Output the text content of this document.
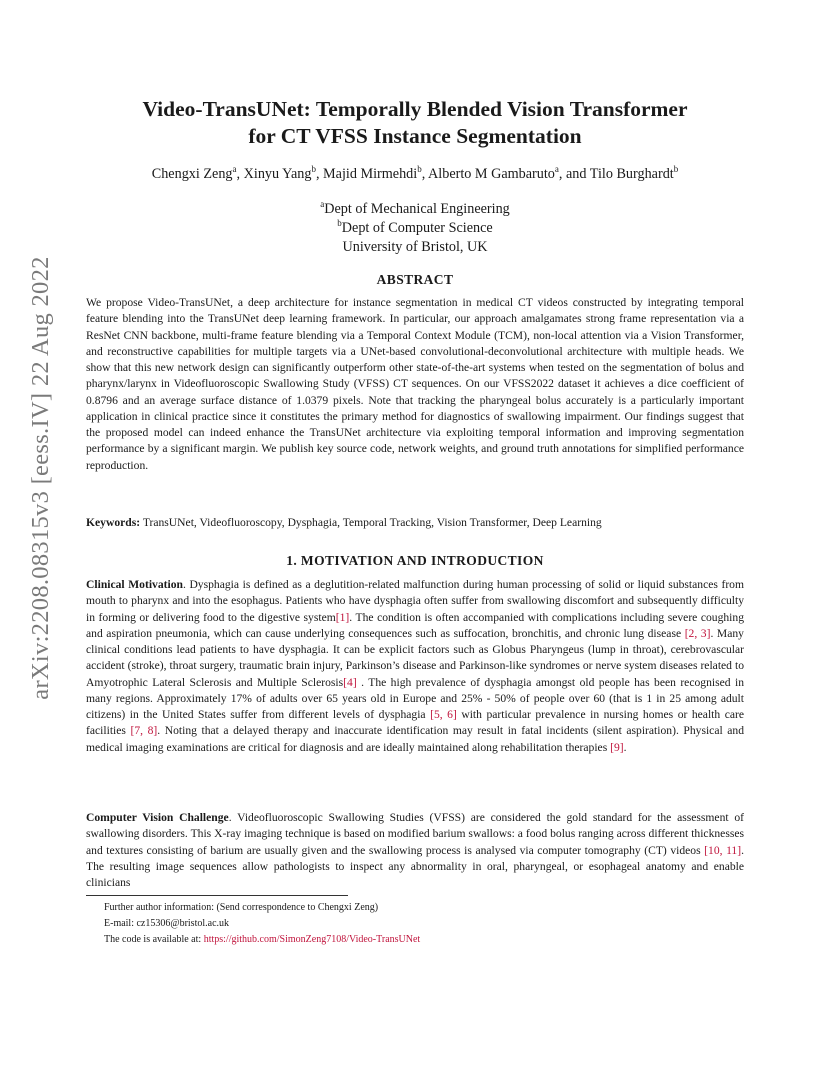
arXiv:2208.08315v3 [eess.IV] 22 Aug 2022
Video-TransUNet: Temporally Blended Vision Transformer
for CT VFSS Instance Segmentation
Chengxi Zeng$^a$, Xinyu Yang$^b$, Majid Mirmehdi$^b$, Alberto M Gambaruto$^a$, and Tilo Burghardt$^b$
$^a$Dept of Mechanical Engineering
$^b$Dept of Computer Science
University of Bristol, UK
ABSTRACT

We propose Video-TransUNet, a deep architecture for instance segmentation in medical CT videos constructed by integrating temporal feature blending into the TransUNet deep learning framework. In particular, our approach amalgamates strong frame representation via a ResNet CNN backbone, multi-frame feature blending via a Temporal Context Module (TCM), non-local attention via a Vision Transformer, and reconstructive capabilities for multiple targets via a UNet-based convolutional-deconvolutional architecture with multiple heads. We show that this new network design can significantly outperform other state-of-the-art systems when tested on the segmentation of bolus and pharynx/larynx in Videofluoroscopic Swallowing Study (VFSS) CT sequences. On our VFSS2022 dataset it achieves a dice coefficient of 0.8796 and an average surface distance of 1.0379 pixels. Note that tracking the pharyngeal bolus accurately is a particularly important application in clinical practice since it constitutes the primary method for diagnostics of swallowing impairment. Our findings suggest that the proposed model can indeed enhance the TransUNet architecture via exploiting temporal information and improving segmentation performance by a significant margin. We publish key source code, network weights, and ground truth annotations for simplified performance reproduction.

Keywords: TransUNet, Videofluoroscopy, Dysphagia, Temporal Tracking, Vision Transformer, Deep Learning

1. MOTIVATION AND INTRODUCTION

Clinical Motivation. Dysphagia is defined as a deglutition-related malfunction during human processing of solid or liquid substances from mouth to pharynx and into the esophagus. Patients who have dysphagia often suffer from swallowing discomfort and subsequently difficulty in forming or delivering food to the digestive system[1]. The condition is often accompanied with complications including severe coughing and aspiration pneumonia, which can cause underlying consequences such as suffocation, bronchitis, and chronic lung disease [2, 3]. Many clinical conditions lead patients to have dysphagia. It can be explicit factors such as Globus Pharyngeus (lump in throat), cerebrovascular accident (stroke), throat surgery, traumatic brain injury, Parkinson’s disease and Parkinson-like syndromes or nerve system diseases related to Amyotrophic Lateral Sclerosis and Multiple Sclerosis[4] . The high prevalence of dysphagia amongst old people has been recognised in many regions. Approximately 17% of adults over 65 years old in Europe and 25% - 50% of people over 60 (that is 1 in 25 among adult citizens) in the United States suffer from different levels of dysphagia [5, 6] with particular prevalence in nursing homes or health care facilities [7, 8]. Noting that a delayed therapy and inaccurate identification may result in fatal incidents (silent aspiration). Physical and medical imaging examinations are critical for diagnosis and are ideally maintained along rehabilitation therapies [9].

Computer Vision Challenge. Videofluoroscopic Swallowing Studies (VFSS) are considered the gold standard for the assessment of swallowing disorders. This X-ray imaging technique is based on modified barium swallows: a food bolus ranging across different thicknesses and textures consisting of barium are usually given and the swallowing process is analysed via computer tomography (CT) videos [10, 11]. The resulting image sequences allow pathologists to inspect any abnormality in oral, pharyngeal, or esophageal anatomy and enable clinicians

Further author information: (Send correspondence to Chengxi Zeng)
E-mail: cz15306@bristol.ac.uk
The code is available at: https://github.com/SimonZeng7108/Video-TransUNet
